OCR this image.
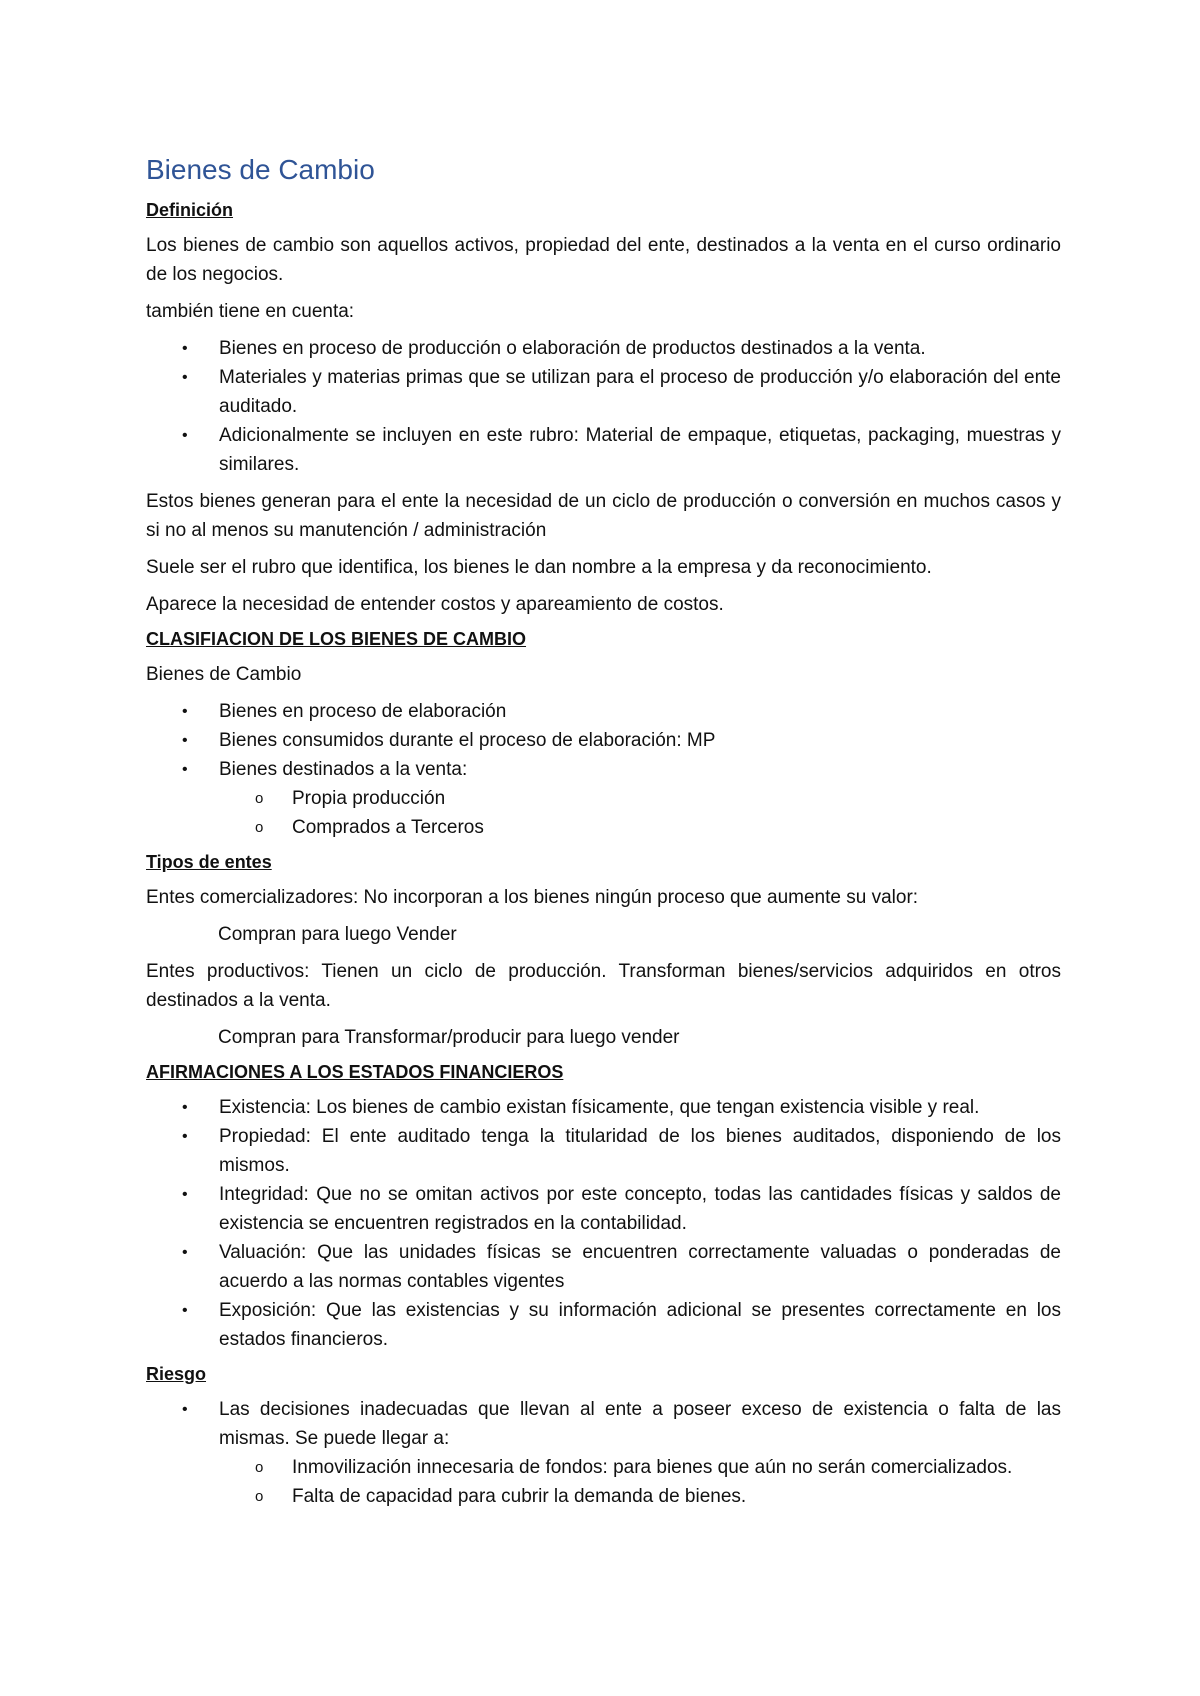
Bienes de Cambio
Definición

Los bienes de cambio son aquellos activos, propiedad del ente, destinados a la venta en el curso ordinario de los negocios.

también tiene en cuenta:

• Bienes en proceso de producción o elaboración de productos destinados a la venta.
• Materiales y materias primas que se utilizan para el proceso de producción y/o elaboración del ente auditado.
• Adicionalmente se incluyen en este rubro: Material de empaque, etiquetas, packaging, muestras y similares.

Estos bienes generan para el ente la necesidad de un ciclo de producción o conversión en muchos casos y si no al menos su manutención / administración

Suele ser el rubro que identifica, los bienes le dan nombre a la empresa y da reconocimiento.

Aparece la necesidad de entender costos y apareamiento de costos.

CLASIFIACION DE LOS BIENES DE CAMBIO

Bienes de Cambio

• Bienes en proceso de elaboración
• Bienes consumidos durante el proceso de elaboración: MP
• Bienes destinados a la venta:
o Propia producción
o Comprados a Terceros
Tipos de entes

Entes comercializadores: No incorporan a los bienes ningún proceso que aumente su valor:

Compran para luego Vender

Entes productivos: Tienen un ciclo de producción. Transforman bienes/servicios adquiridos en otros destinados a la venta.

Compran para Transformar/producir para luego vender

AFIRMACIONES A LOS ESTADOS FINANCIEROS
• Existencia: Los bienes de cambio existan físicamente, que tengan existencia visible y real.
• Propiedad: El ente auditado tenga la titularidad de los bienes auditados, disponiendo de los mismos.
• Integridad: Que no se omitan activos por este concepto, todas las cantidades físicas y saldos de existencia se encuentren registrados en la contabilidad.
• Valuación: Que las unidades físicas se encuentren correctamente valuadas o ponderadas de acuerdo a las normas contables vigentes
• Exposición: Que las existencias y su información adicional se presentes correctamente en los estados financieros.
Riesgo
• Las decisiones inadecuadas que llevan al ente a poseer exceso de existencia o falta de las mismas. Se puede llegar a:
o Inmovilización innecesaria de fondos: para bienes que aún no serán comercializados.
o Falta de capacidad para cubrir la demanda de bienes.
